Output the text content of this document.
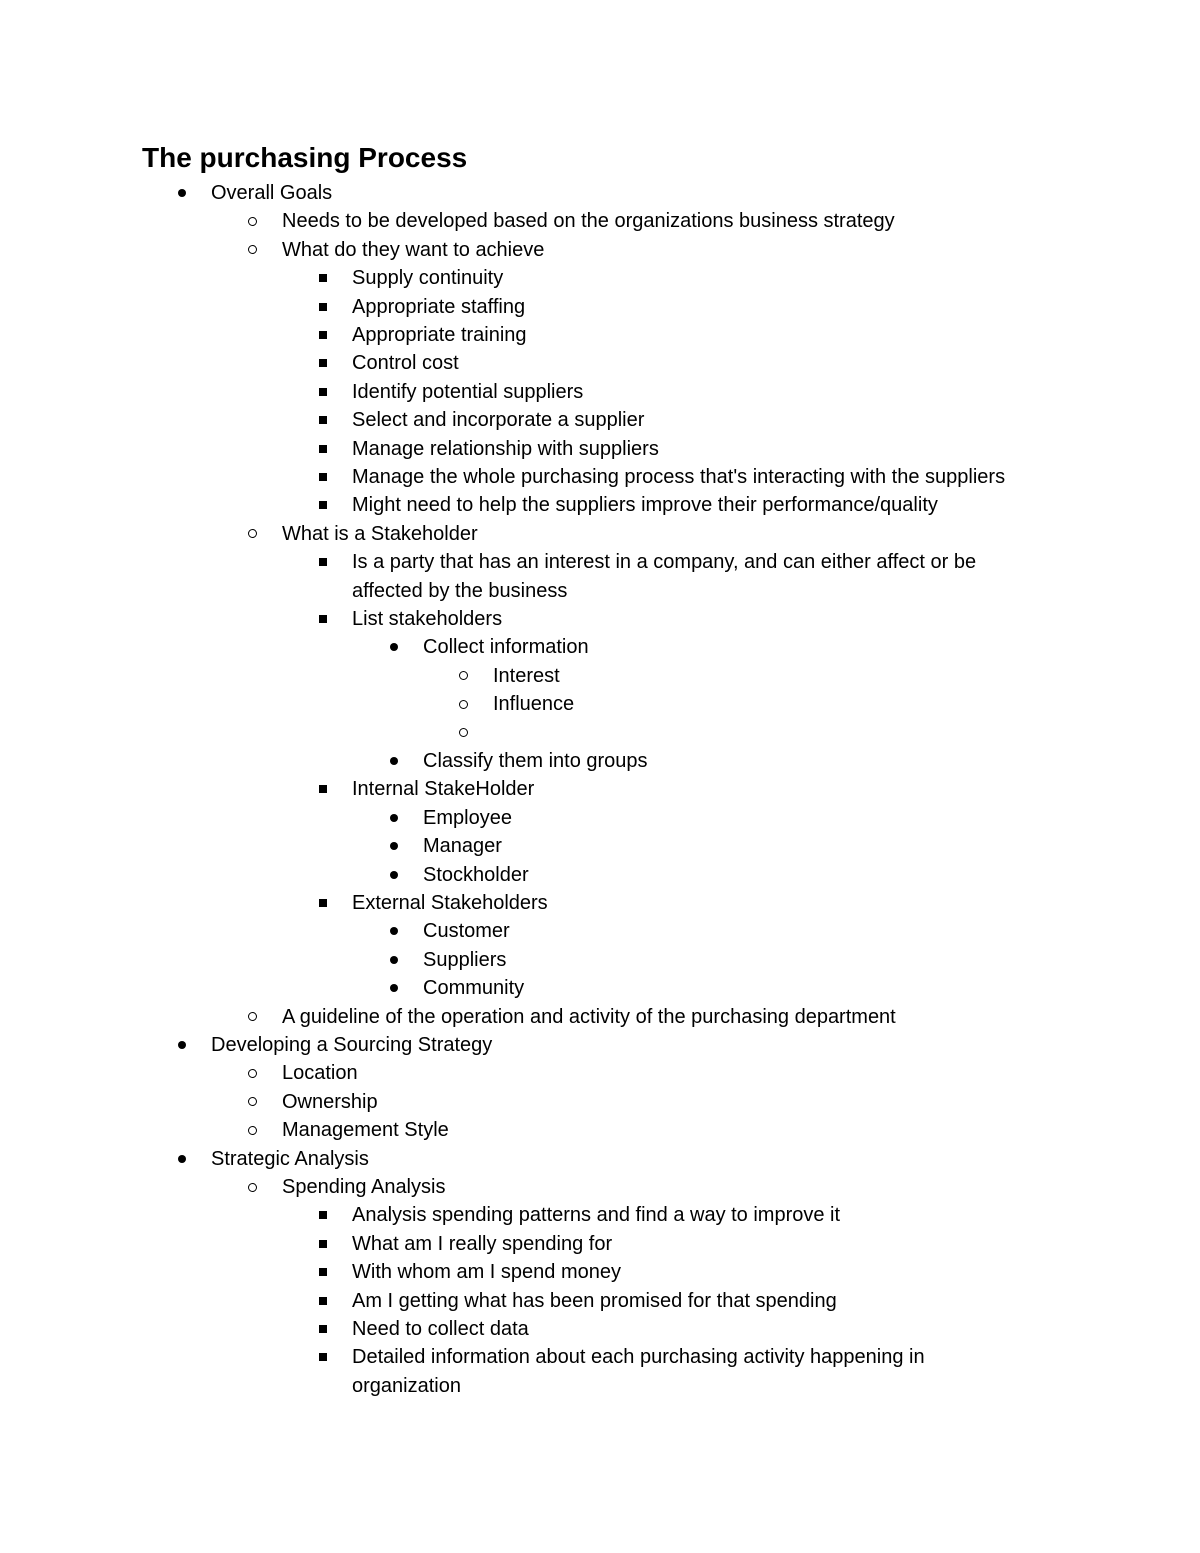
The purchasing Process
Overall Goals
Needs to be developed based on the organizations business strategy
What do they want to achieve
Supply continuity
Appropriate staffing
Appropriate training
Control cost
Identify potential suppliers
Select and incorporate a supplier
Manage relationship with suppliers
Manage the whole purchasing process that's interacting with the suppliers
Might need to help the suppliers improve their performance/quality
What is a Stakeholder
Is a party that has an interest in a company, and can either affect or be
affected by the business
List stakeholders
Collect information
Interest
Influence
Classify them into groups
Internal StakeHolder
Employee
Manager
Stockholder
External Stakeholders
Customer
Suppliers
Community
A guideline of the operation and activity of the purchasing department
Developing a Sourcing Strategy
Location
Ownership
Management Style
Strategic Analysis
Spending Analysis
Analysis spending patterns and find a way to improve it
What am I really spending for
With whom am I spend money
Am I getting what has been promised for that spending
Need to collect data
Detailed information about each purchasing activity happening in
organization
